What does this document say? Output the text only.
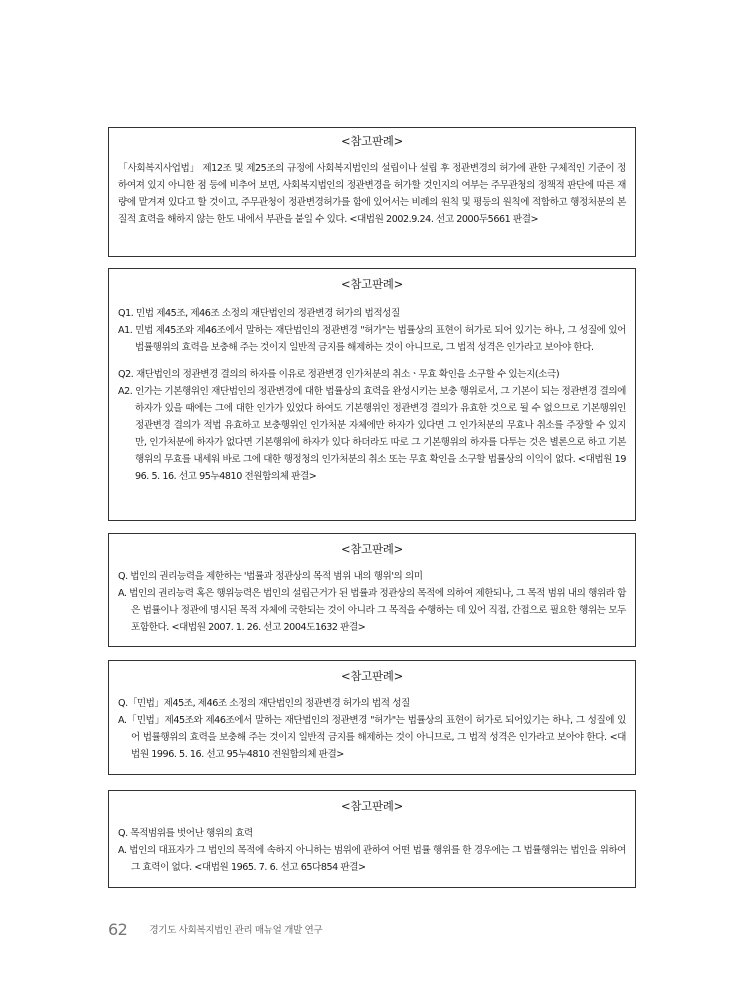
<참고판례>

「사회복지사업법」 제12조 및 제25조의 규정에 사회복지법인의 설립이나 설립 후 정관변경의 허가에 관한 구체적인 기준이 정하여져 있지 아니한 점 등에 비추어 보면, 사회복지법인의 정관변경을 허가할 것인지의 여부는 주무관청의 정책적 판단에 따른 재량에 맡겨져 있다고 할 것이고, 주무관청이 정관변경허가를 함에 있어서는 비례의 원칙 및 평등의 원칙에 적합하고 행정처분의 본질적 효력을 해하지 않는 한도 내에서 부관을 붙일 수 있다. <대법원 2002.9.24. 선고 2000두5661 판결>

<참고판례>

Q1. 민법 제45조, 제46조 소정의 재단법인의 정관변경 허가의 법적성질

A1. 민법 제45조와 제46조에서 말하는 재단법인의 정관변경 "허가"는 법률상의 표현이 허가로 되어 있기는 하나, 그 성질에 있어 법률행위의 효력을 보충해 주는 것이지 일반적 금지를 해제하는 것이 아니므로, 그 법적 성격은 인가라고 보아야 한다.

Q2. 재단법인의 정관변경 결의의 하자를 이유로 정관변경 인가처분의 취소ㆍ무효 확인을 소구할 수 있는지(소극)

A2. 인가는 기본행위인 재단법인의 정관변경에 대한 법률상의 효력을 완성시키는 보충 행위로서, 그 기본이 되는 정관변경 결의에 하자가 있을 때에는 그에 대한 인가가 있었다 하여도 기본행위인 정관변경 결의가 유효한 것으로 될 수 없으므로 기본행위인 정관변경 결의가 적법 유효하고 보충행위인 인가처분 자체에만 하자가 있다면 그 인가처분의 무효나 취소를 주장할 수 있지만, 인가처분에 하자가 없다면 기본행위에 하자가 있다 하더라도 따로 그 기본행위의 하자를 다투는 것은 별론으로 하고 기본행위의 무효를 내세워 바로 그에 대한 행정청의 인가처분의 취소 또는 무효 확인을 소구할 법률상의 이익이 없다. <대법원 1996. 5. 16. 선고 95누4810 전원합의체 판결>

<참고판례>

Q. 법인의 권리능력을 제한하는 '법률과 정관상의 목적 범위 내의 행위'의 의미

A. 법인의 권리능력 혹은 행위능력은 법인의 설립근거가 된 법률과 정관상의 목적에 의하여 제한되나, 그 목적 범위 내의 행위라 함은 법률이나 정관에 명시된 목적 자체에 국한되는 것이 아니라 그 목적을 수행하는 데 있어 직접, 간접으로 필요한 행위는 모두 포함한다. <대법원 2007. 1. 26. 선고 2004도1632 판결>

<참고판례>

Q.「민법」제45조, 제46조 소정의 재단법인의 정관변경 허가의 법적 성질

A.「민법」제45조와 제46조에서 말하는 재단법인의 정관변경 "허가"는 법률상의 표현이 허가로 되어있기는 하나, 그 성질에 있어 법률행위의 효력을 보충해 주는 것이지 일반적 금지를 해제하는 것이 아니므로, 그 법적 성격은 인가라고 보아야 한다. <대법원 1996. 5. 16. 선고 95누4810 전원합의체 판결>

<참고판례>

Q. 목적범위를 벗어난 행위의 효력

A. 법인의 대표자가 그 법인의 목적에 속하지 아니하는 범위에 관하여 어떤 법률 행위를 한 경우에는 그 법률행위는 법인을 위하여 그 효력이 없다. <대법원 1965. 7. 6. 선고 65다854 판결>

62 경기도 사회복지법인 관리 매뉴얼 개발 연구
